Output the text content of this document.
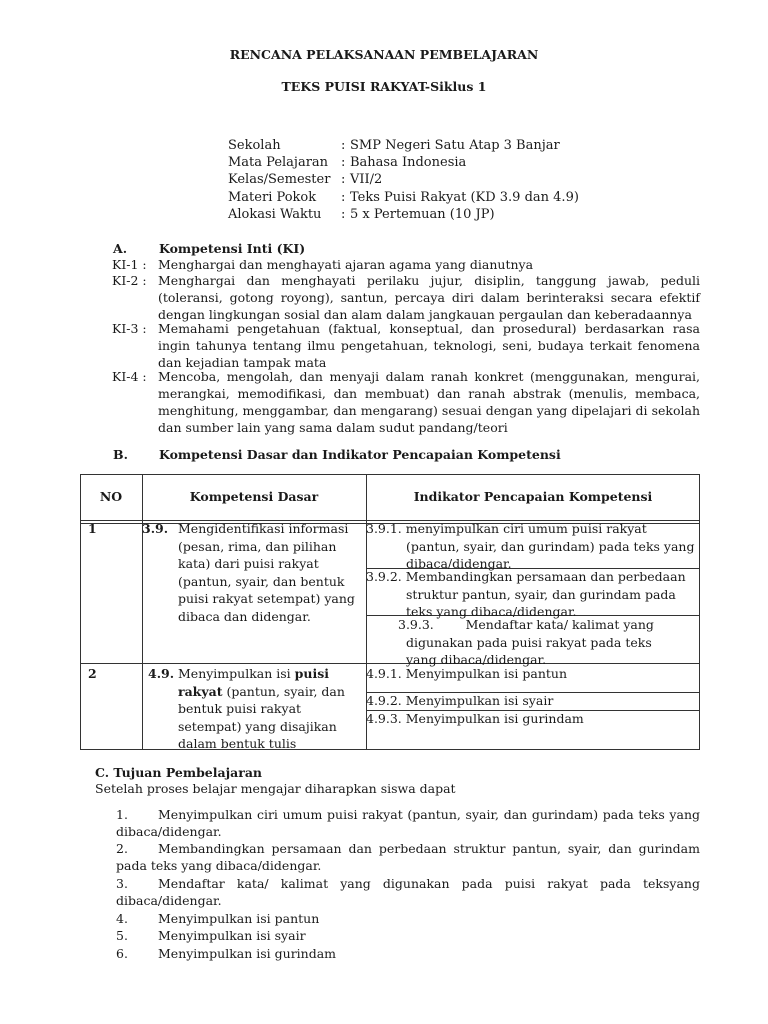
RENCANA PELAKSANAAN PEMBELAJARAN
TEKS PUISI RAKYAT-Siklus 1
Sekolah	: SMP Negeri Satu Atap 3 Banjar
Mata Pelajaran : Bahasa Indonesia
Kelas/Semester : VII/2
Materi Pokok : Teks Puisi Rakyat (KD 3.9 dan 4.9)
Alokasi Waktu : 5 x Pertemuan (10 JP)
A.	Kompetensi Inti (KI)
KI-1 : Menghargai dan menghayati ajaran agama yang dianutnya
KI-2 : Menghargai dan menghayati perilaku jujur, disiplin, tanggung jawab, peduli (toleransi, gotong royong), santun, percaya diri dalam berinteraksi secara efektif dengan lingkungan sosial dan alam dalam jangkauan pergaulan dan keberadaannya
KI-3 : Memahami pengetahuan (faktual, konseptual, dan prosedural) berdasarkan rasa ingin tahunya tentang ilmu pengetahuan, teknologi, seni, budaya terkait fenomena dan kejadian tampak mata
KI-4 : Mencoba, mengolah, dan menyaji dalam ranah konkret (menggunakan, mengurai, merangkai, memodifikasi, dan membuat) dan ranah abstrak (menulis, membaca, menghitung, menggambar, dan mengarang) sesuai dengan yang dipelajari di sekolah dan sumber lain yang sama dalam sudut pandang/teori
B. Kompetensi Dasar dan Indikator Pencapaian Kompetensi
NO	Kompetensi Dasar	Indikator Pencapaian Kompetensi
1	3.9. Mengidentifikasi informasi (pesan, rima, dan pilihan kata) dari puisi rakyat (pantun, syair, dan bentuk puisi rakyat setempat) yang dibaca dan didengar.
3.9.1. menyimpulkan ciri umum puisi rakyat (pantun, syair, dan gurindam) pada teks yang dibaca/didengar.
3.9.2. Membandingkan persamaan dan perbedaan struktur pantun, syair, dan gurindam pada teks yang dibaca/didengar.
3.9.3.        Mendaftar kata/ kalimat yang digunakan pada puisi rakyat pada teks yang dibaca/didengar.
2	4.9. Menyimpulkan isi puisi rakyat (pantun, syair, dan bentuk puisi rakyat setempat) yang disajikan dalam bentuk tulis
4.9.1. Menyimpulkan isi pantun
4.9.2. Menyimpulkan isi syair
4.9.3. Menyimpulkan isi gurindam
C. Tujuan Pembelajaran
Setelah proses belajar mengajar diharapkan siswa dapat
1.	Menyimpulkan ciri umum puisi rakyat (pantun, syair, dan gurindam) pada teks yang dibaca/didengar.
2.	Membandingkan persamaan dan perbedaan struktur pantun, syair, dan gurindam pada teks yang dibaca/didengar.
3.	Mendaftar kata/ kalimat yang digunakan pada puisi rakyat pada teksyang dibaca/didengar.
4.	Menyimpulkan isi pantun
5.	Menyimpulkan isi syair
6.	Menyimpulkan isi gurindam
